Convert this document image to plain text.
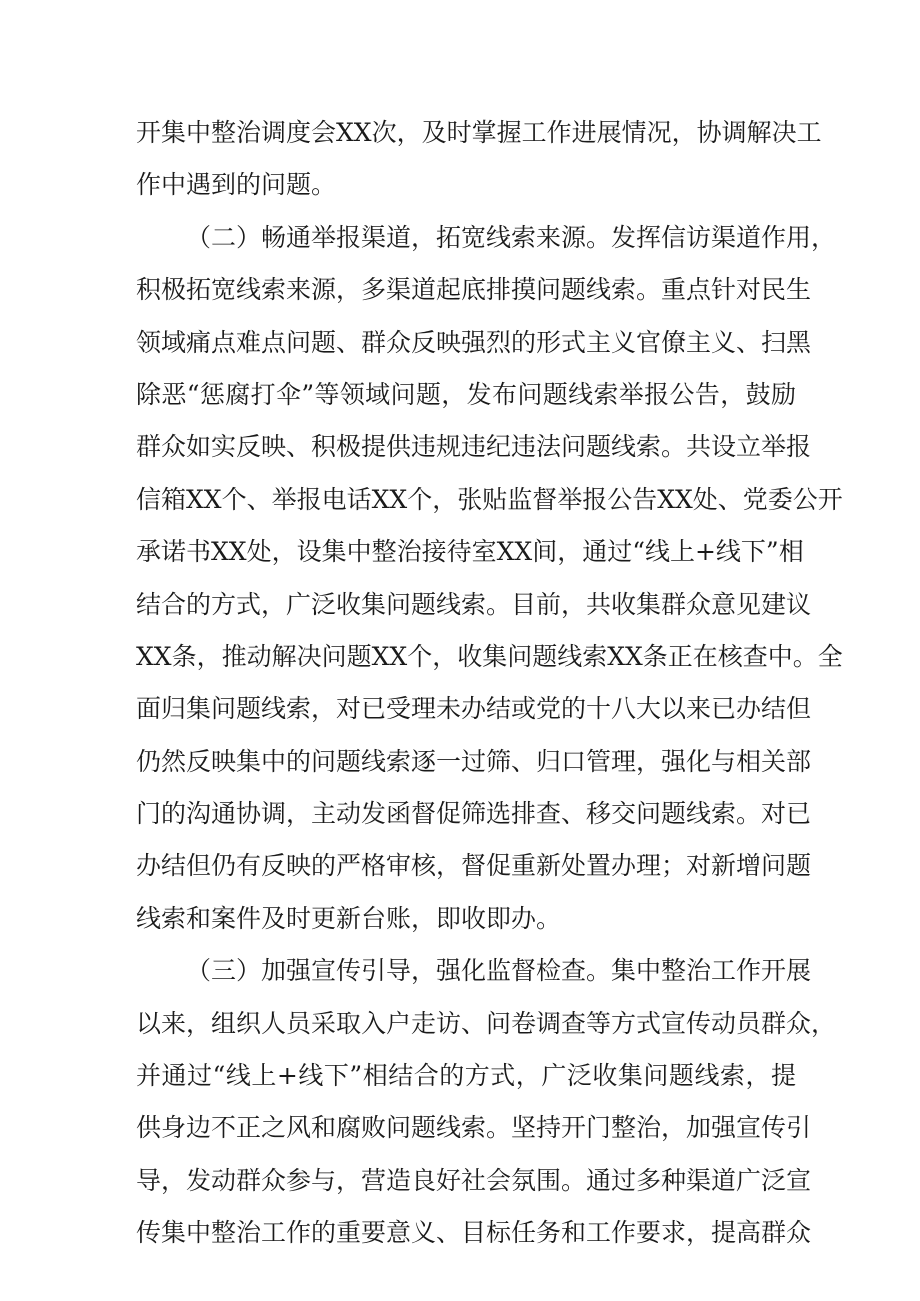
开集中整治调度会XX次，及时掌握工作进展情况，协调解决工
作中遇到的问题。
（二）畅通举报渠道，拓宽线索来源。发挥信访渠道作用，
积极拓宽线索来源，多渠道起底排摸问题线索。重点针对民生
领域痛点难点问题、群众反映强烈的形式主义官僚主义、扫黑
除恶“惩腐打伞”等领域问题，发布问题线索举报公告，鼓励
群众如实反映、积极提供违规违纪违法问题线索。共设立举报
信箱XX个、举报电话XX个，张贴监督举报公告XX处、党委公开
承诺书XX处，设集中整治接待室XX间，通过“线上+线下”相
结合的方式，广泛收集问题线索。目前，共收集群众意见建议
XX条，推动解决问题XX个，收集问题线索XX条正在核查中。全
面归集问题线索，对已受理未办结或党的十八大以来已办结但
仍然反映集中的问题线索逐一过筛、归口管理，强化与相关部
门的沟通协调，主动发函督促筛选排查、移交问题线索。对已
办结但仍有反映的严格审核，督促重新处置办理；对新增问题
线索和案件及时更新台账，即收即办。
（三）加强宣传引导，强化监督检查。集中整治工作开展
以来，组织人员采取入户走访、问卷调查等方式宣传动员群众，
并通过“线上+线下”相结合的方式，广泛收集问题线索，提
供身边不正之风和腐败问题线索。坚持开门整治，加强宣传引
导，发动群众参与，营造良好社会氛围。通过多种渠道广泛宣
传集中整治工作的重要意义、目标任务和工作要求，提高群众
